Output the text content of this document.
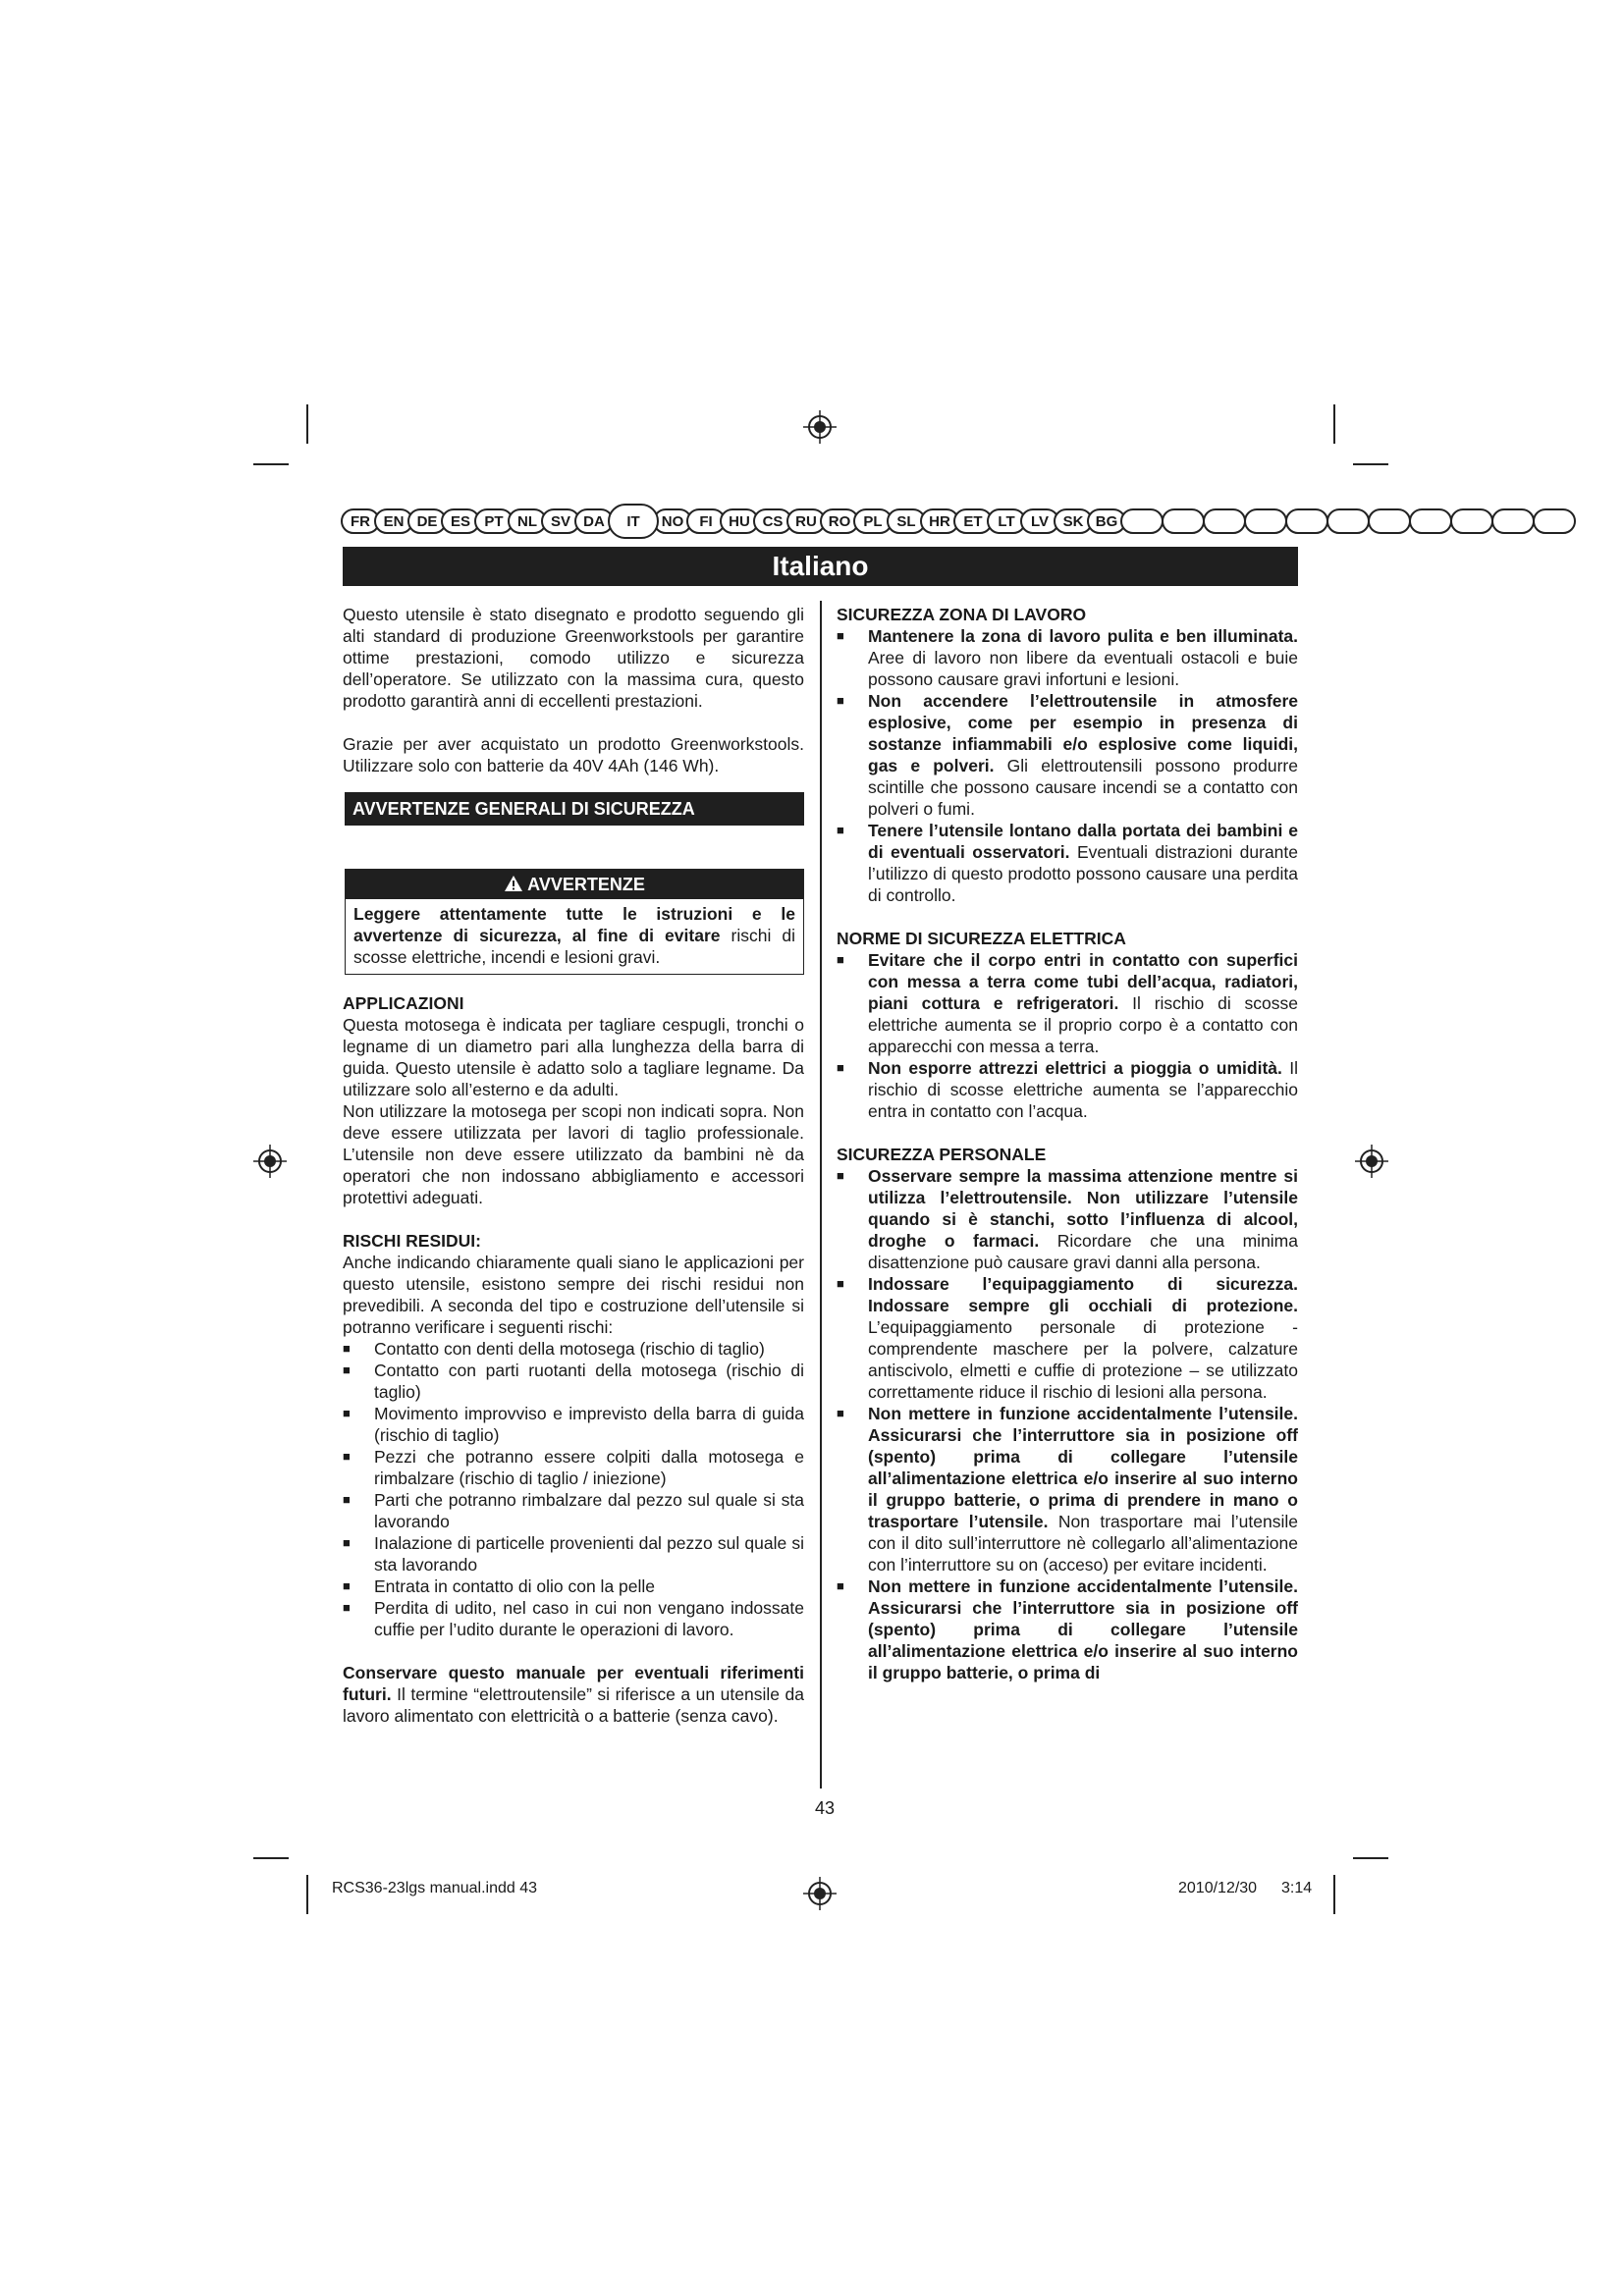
FR EN DE ES PT NL SV DA	IT	NO	FI	HU CS RU RO PL SL HR ET	LT	LV SK BG
Italiano

Questo utensile è stato disegnato e prodotto seguendo gli alti standard di produzione Greenworkstools per garantire ottime prestazioni, comodo utilizzo e sicurezza dell’operatore. Se utilizzato con la massima cura, questo prodotto garantirà anni di eccellenti prestazioni.

Grazie per aver acquistato un prodotto Greenworkstools. Utilizzare solo con batterie da 40V 4Ah (146 Wh).

AVVERTENZE GENERALI DI SICUREZZA
AVVERTENZE
Leggere attentamente tutte le istruzioni e le avvertenze di sicurezza, al fine di evitare rischi di scosse elettriche, incendi e lesioni gravi.

APPLICAZIONI

Questa motosega è indicata per tagliare cespugli, tronchi o legname di un diametro pari alla lunghezza della barra di guida. Questo utensile è adatto solo a tagliare legname. Da utilizzare solo all’esterno e da adulti.

Non utilizzare la motosega per scopi non indicati sopra. Non deve essere utilizzata per lavori di taglio professionale. L’utensile non deve essere utilizzato da bambini nè da operatori che non indossano abbigliamento e accessori protettivi adeguati.

RISCHI RESIDUI:

Anche indicando chiaramente quali siano le applicazioni per questo utensile, esistono sempre dei rischi residui non prevedibili. A seconda del tipo e costruzione dell’utensile si potranno verificare i seguenti rischi:

■ Contatto con denti della motosega (rischio di taglio)
■ Contatto con parti ruotanti della motosega (rischio di taglio)
■ Movimento improvviso e imprevisto della barra di guida (rischio di taglio)
■ Pezzi che potranno essere colpiti dalla motosega e rimbalzare (rischio di taglio / iniezione)
■ Parti che potranno rimbalzare dal pezzo sul quale si sta lavorando
■ Inalazione di particelle provenienti dal pezzo sul quale si sta lavorando
■ Entrata in contatto di olio con la pelle
■ Perdita di udito, nel caso in cui non vengano indossate cuffie per l’udito durante le operazioni di lavoro.

Conservare questo manuale per eventuali riferimenti futuri. Il termine “elettroutensile” si riferisce a un utensile da lavoro alimentato con elettricità o a batterie (senza cavo).

SICUREZZA ZONA DI LAVORO

■ Mantenere la zona di lavoro pulita e ben illuminata. Aree di lavoro non libere da eventuali ostacoli e buie possono causare gravi infortuni e lesioni.
■ Non accendere l’elettroutensile in atmosfere esplosive, come per esempio in presenza di sostanze infiammabili e/o esplosive come liquidi, gas e polveri. Gli elettroutensili possono produrre scintille che possono causare incendi se a contatto con polveri o fumi.
■ Tenere l’utensile lontano dalla portata dei bambini e di eventuali osservatori. Eventuali distrazioni durante l’utilizzo di questo prodotto possono causare una perdita di controllo.

NORME DI SICUREZZA ELETTRICA

■ Evitare che il corpo entri in contatto con superfici con messa a terra come tubi dell’acqua, radiatori, piani cottura e refrigeratori. Il rischio di scosse elettriche aumenta se il proprio corpo è a contatto con apparecchi con messa a terra.
■ Non esporre attrezzi elettrici a pioggia o umidità. Il rischio di scosse elettriche aumenta se l’apparecchio entra in contatto con l’acqua.

SICUREZZA PERSONALE

■ Osservare sempre la massima attenzione mentre si utilizza l’elettroutensile. Non utilizzare l’utensile quando si è stanchi, sotto l’influenza di alcool, droghe o farmaci. Ricordare che una minima disattenzione può causare gravi danni alla persona.
■ Indossare l’equipaggiamento di sicurezza. Indossare sempre gli occhiali di protezione. L’equipaggiamento personale di protezione - comprendente maschere per la polvere, calzature antiscivolo, elmetti e cuffie di protezione – se utilizzato correttamente riduce il rischio di lesioni alla persona.
■ Non mettere in funzione accidentalmente l’utensile. Assicurarsi che l’interruttore sia in posizione off (spento) prima di collegare l’utensile all’alimentazione elettrica e/o inserire al suo interno il gruppo batterie, o prima di prendere in mano o trasportare l’utensile. Non trasportare mai l’utensile con il dito sull’interruttore nè collegarlo all’alimentazione con l’interruttore su on (acceso) per evitare incidenti.
■ Non mettere in funzione accidentalmente l’utensile. Assicurarsi che l’interruttore sia in posizione off (spento) prima di collegare l’utensile all’alimentazione elettrica e/o inserire al suo interno il gruppo batterie, o prima di
43
RCS36-23lgs manual.indd 43	2010/12/30 3:14
